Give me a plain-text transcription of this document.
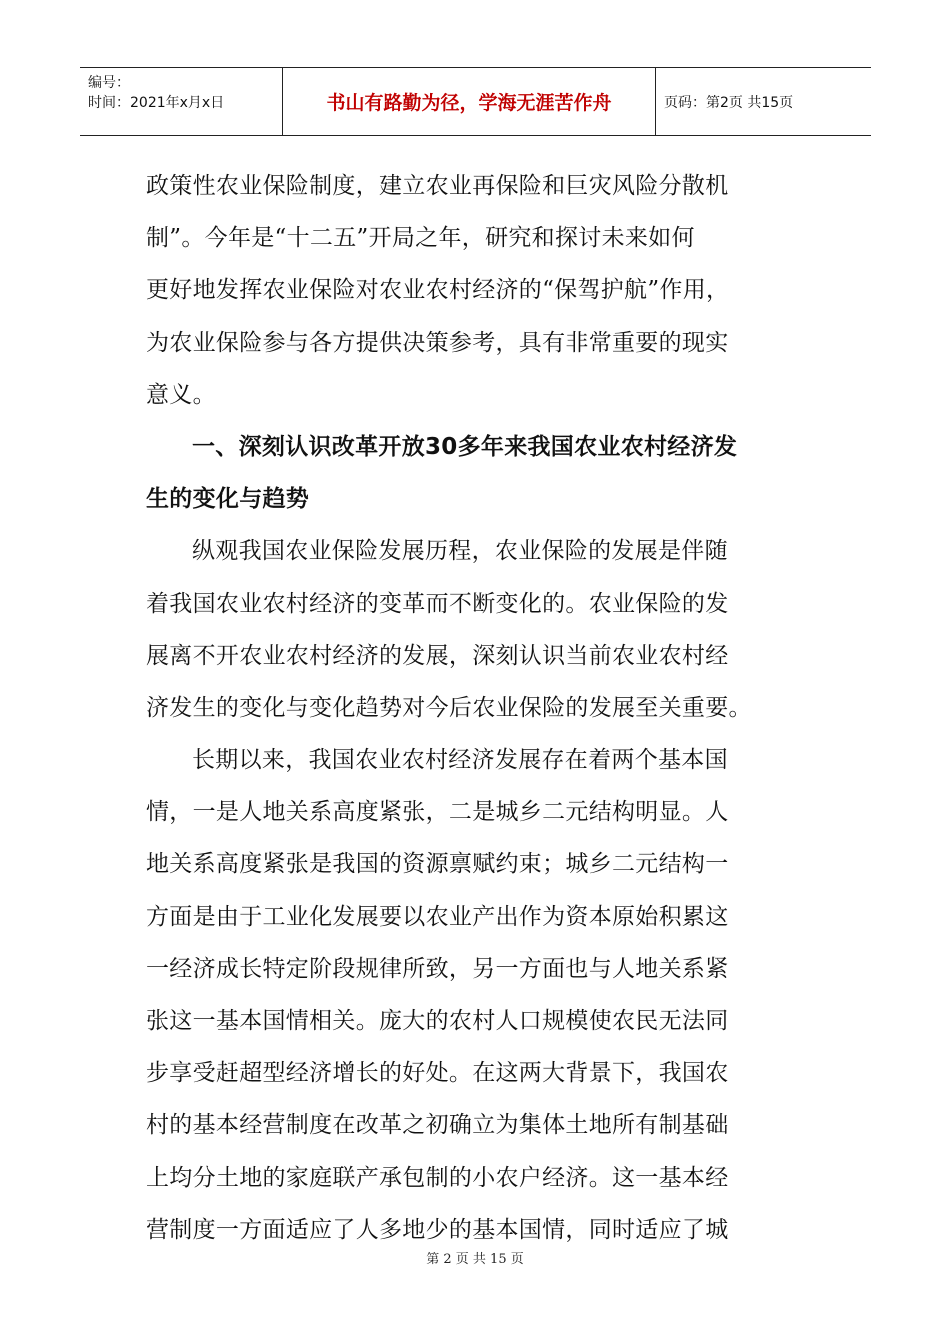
编号：
时间：2021年x月x日	书山有路勤为径，学海无涯苦作舟	页码：第2页 共15页
政策性农业保险制度，建立农业再保险和巨灾风险分散机
制”。今年是“十二五”开局之年，研究和探讨未来如何
更好地发挥农业保险对农业农村经济的“保驾护航”作用，
为农业保险参与各方提供决策参考，具有非常重要的现实
意义。
一、深刻认识改革开放30多年来我国农业农村经济发
生的变化与趋势
纵观我国农业保险发展历程，农业保险的发展是伴随
着我国农业农村经济的变革而不断变化的。农业保险的发
展离不开农业农村经济的发展，深刻认识当前农业农村经
济发生的变化与变化趋势对今后农业保险的发展至关重要。
长期以来，我国农业农村经济发展存在着两个基本国
情，一是人地关系高度紧张，二是城乡二元结构明显。人
地关系高度紧张是我国的资源禀赋约束；城乡二元结构一
方面是由于工业化发展要以农业产出作为资本原始积累这
一经济成长特定阶段规律所致，另一方面也与人地关系紧
张这一基本国情相关。庞大的农村人口规模使农民无法同
步享受赶超型经济增长的好处。在这两大背景下，我国农
村的基本经营制度在改革之初确立为集体土地所有制基础
上均分土地的家庭联产承包制的小农户经济。这一基本经
营制度一方面适应了人多地少的基本国情，同时适应了城
第 2 页 共 15 页
